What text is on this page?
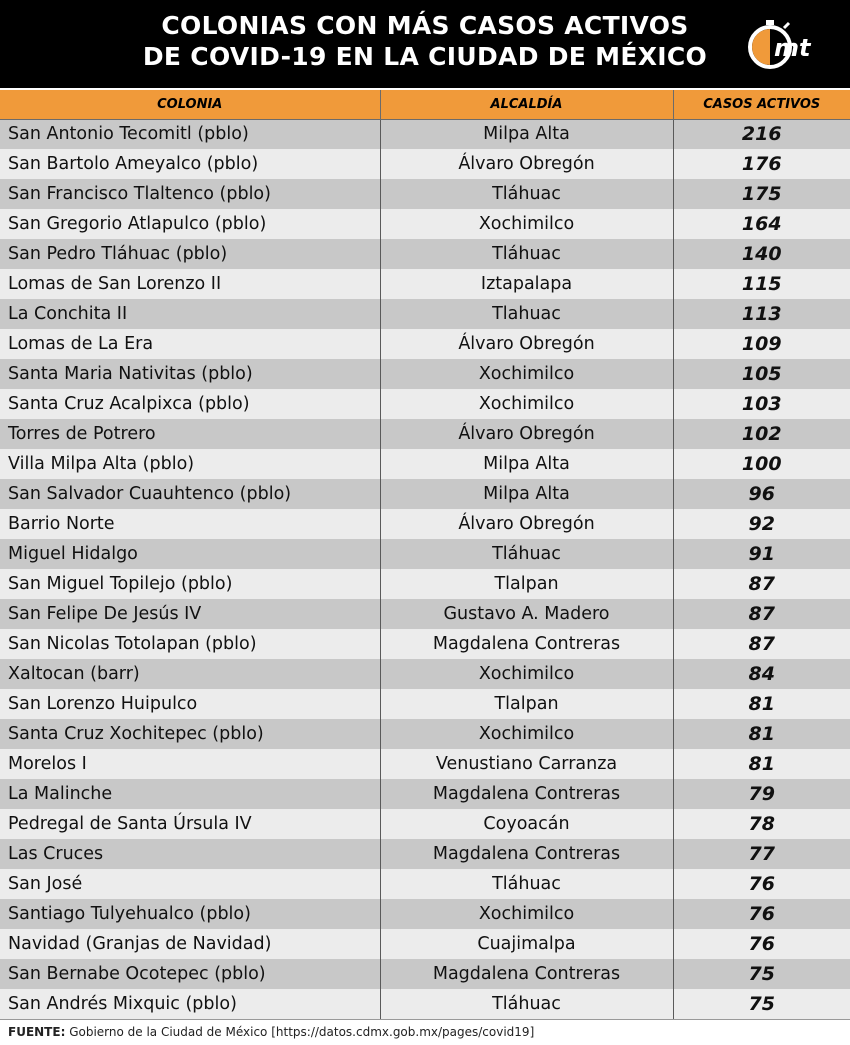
COLONIAS CON MÁS CASOS ACTIVOS
DE COVID-19 EN LA CIUDAD DE MÉXICO	mt
COLONIA	ALCALDÍA	CASOS ACTIVOS
San Antonio Tecomitl (pblo)	Milpa Alta	216
San Bartolo Ameyalco (pblo)	Álvaro Obregón	176
San Francisco Tlaltenco (pblo)	Tláhuac	175
San Gregorio Atlapulco (pblo)	Xochimilco	164
San Pedro Tláhuac (pblo)	Tláhuac	140
Lomas de San Lorenzo II	Iztapalapa	115
La Conchita II	Tlahuac	113
Lomas de La Era	Álvaro Obregón	109
Santa Maria Nativitas (pblo)	Xochimilco	105
Santa Cruz Acalpixca (pblo)	Xochimilco	103
Torres de Potrero	Álvaro Obregón	102
Villa Milpa Alta (pblo)	Milpa Alta	100
San Salvador Cuauhtenco (pblo)	Milpa Alta	96
Barrio Norte	Álvaro Obregón	92
Miguel Hidalgo	Tláhuac	91
San Miguel Topilejo (pblo)	Tlalpan	87
San Felipe De Jesús IV	Gustavo A. Madero	87
San Nicolas Totolapan (pblo)	Magdalena Contreras	87
Xaltocan (barr)	Xochimilco	84
San Lorenzo Huipulco	Tlalpan	81
Santa Cruz Xochitepec (pblo)	Xochimilco	81
Morelos I	Venustiano Carranza	81
La Malinche	Magdalena Contreras	79
Pedregal de Santa Úrsula IV	Coyoacán	78
Las Cruces	Magdalena Contreras	77
San José	Tláhuac	76
Santiago Tulyehualco (pblo)	Xochimilco	76
Navidad (Granjas de Navidad)	Cuajimalpa	76
San Bernabe Ocotepec (pblo)	Magdalena Contreras	75
San Andrés Mixquic (pblo)	Tláhuac	75
FUENTE: Gobierno de la Ciudad de México [https://datos.cdmx.gob.mx/pages/covid19]
